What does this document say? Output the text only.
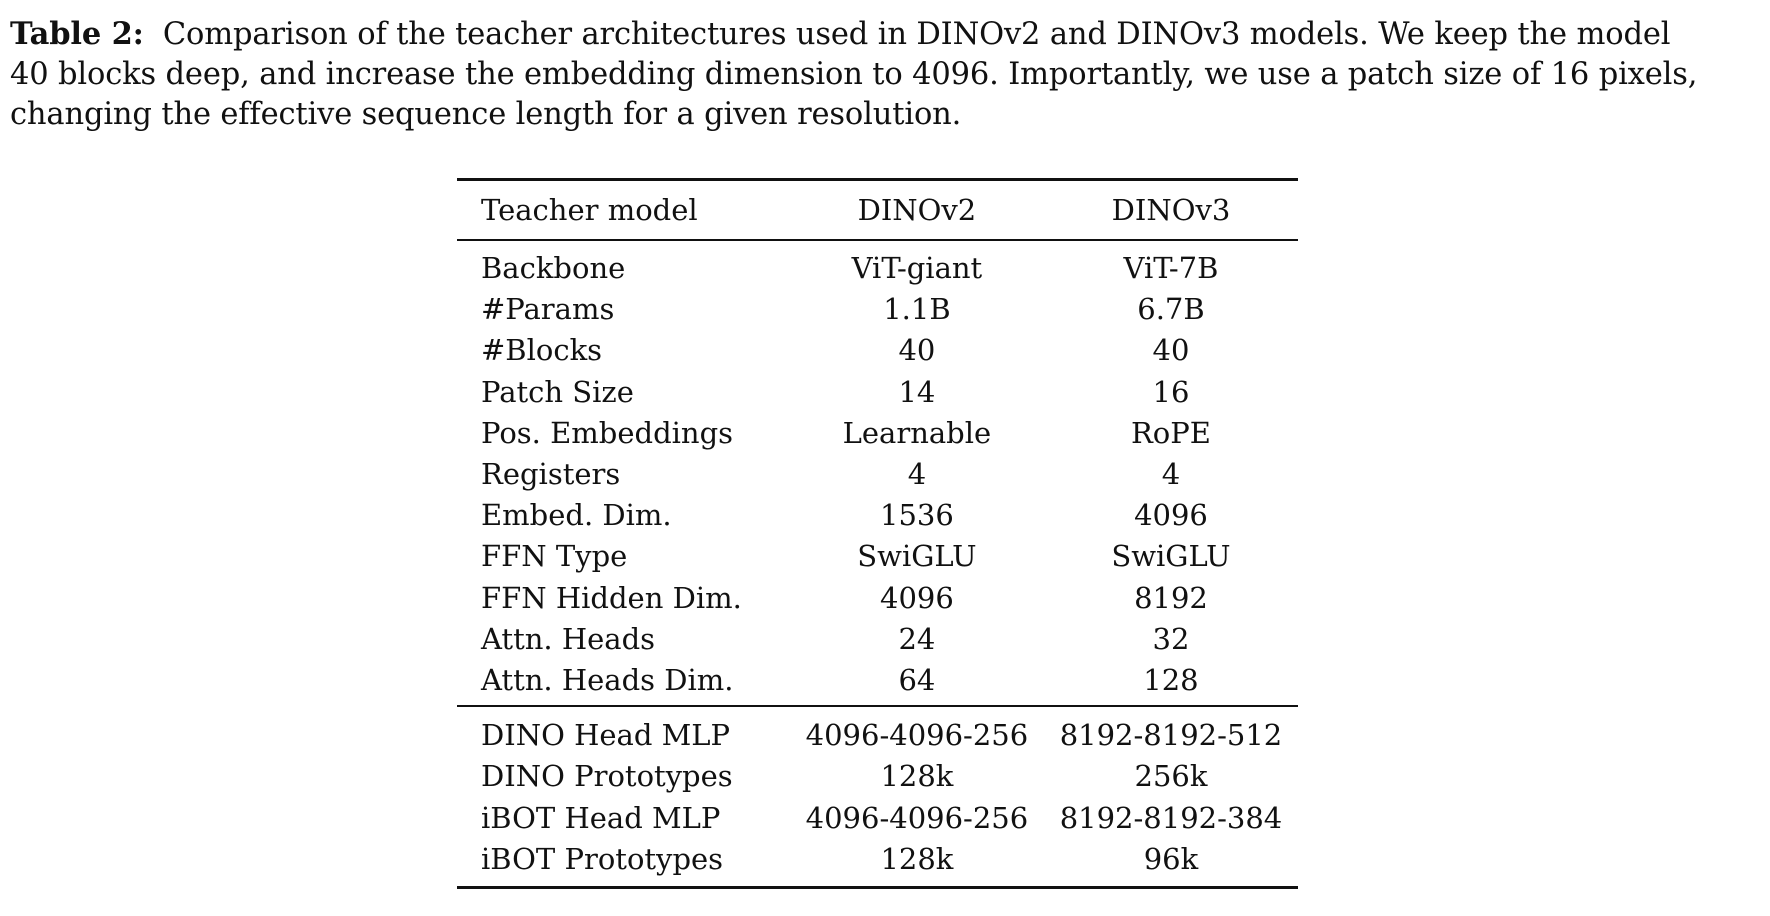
Table 2: Comparison of the teacher architectures used in DINOv2 and DINOv3 models. We keep the model
40 blocks deep, and increase the embedding dimension to 4096. Importantly, we use a patch size of 16 pixels,
changing the effective sequence length for a given resolution.
Teacher model	DINOv2	DINOv3
Backbone	ViT-giant	ViT-7B
#Params	1.1B	6.7B
#Blocks	40	40
Patch Size	14	16
Pos. Embeddings	Learnable	RoPE
Registers	4	4
Embed. Dim.	1536	4096
FFN Type	SwiGLU	SwiGLU
FFN Hidden Dim.	4096	8192
Attn. Heads	24	32
Attn. Heads Dim.	64	128
DINO Head MLP	4096-4096-256	8192-8192-512
DINO Prototypes	128k	256k
iBOT Head MLP	4096-4096-256	8192-8192-384
iBOT Prototypes	128k	96k
